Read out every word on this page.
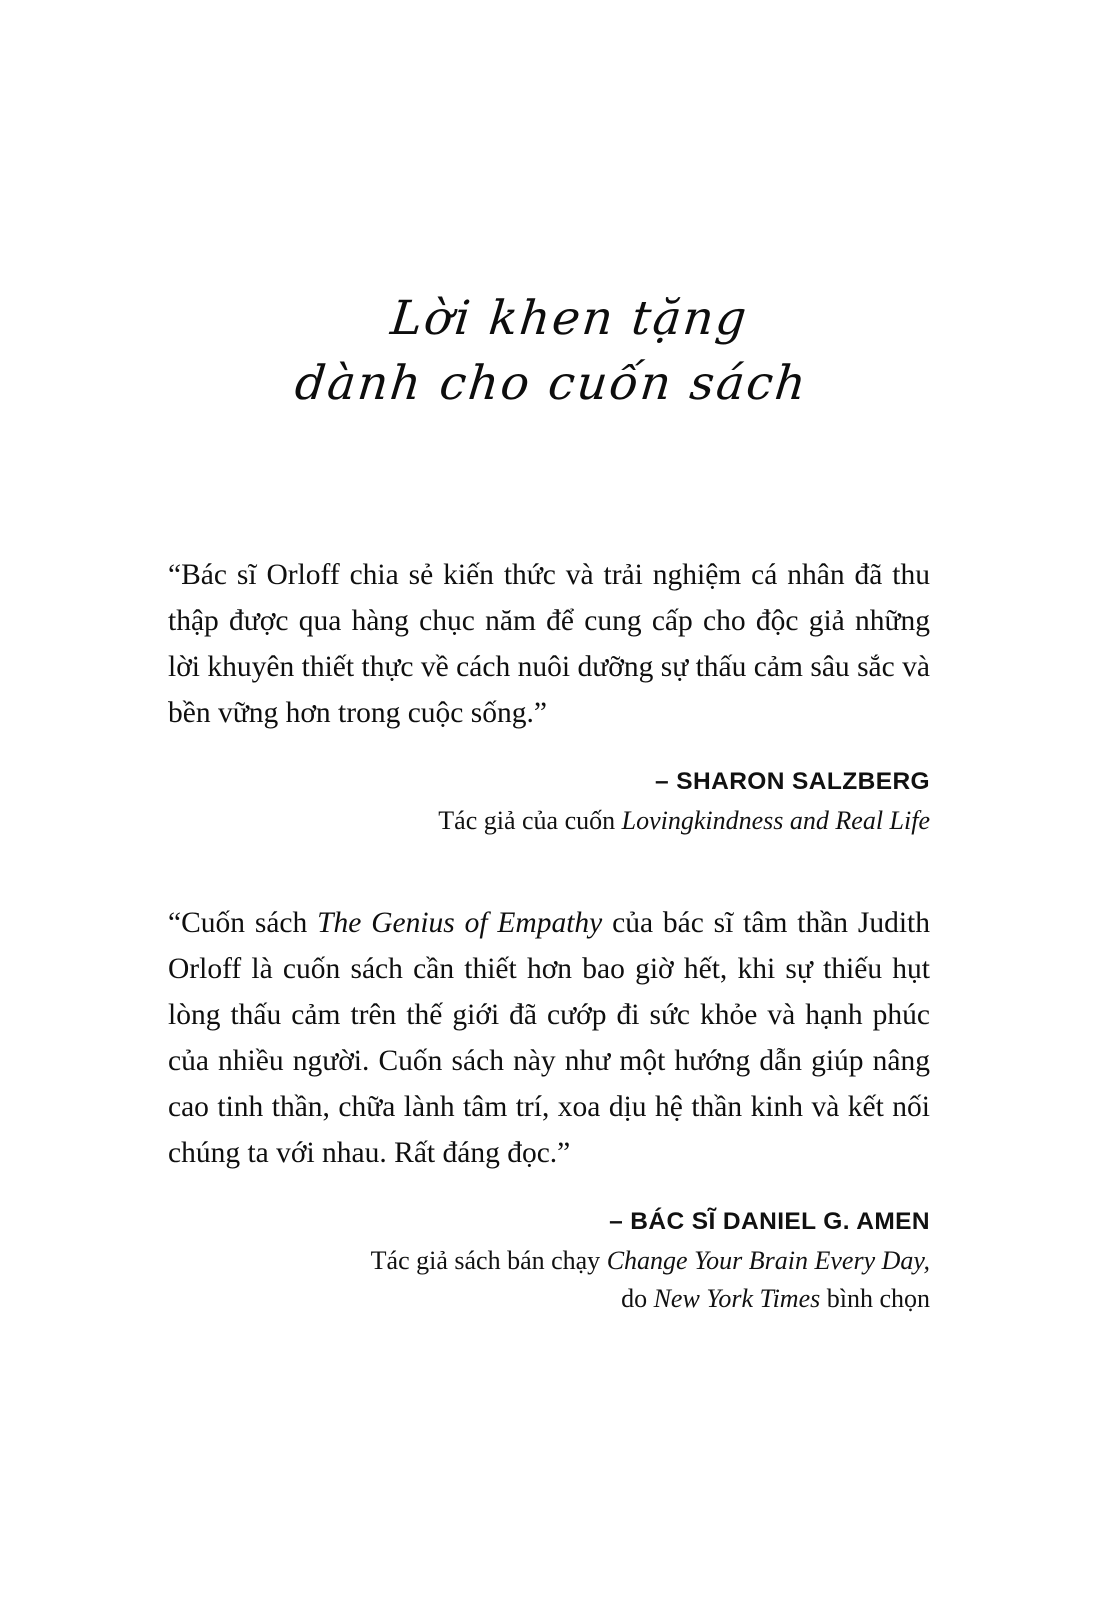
Lời khen tặng
dành cho cuốn sách

“Bác sĩ Orloff chia sẻ kiến thức và trải nghiệm cá nhân đã thu thập được qua hàng chục năm để cung cấp cho độc giả những lời khuyên thiết thực về cách nuôi dưỡng sự thấu cảm sâu sắc và bền vững hơn trong cuộc sống.”

– SHARON SALZBERG

Tác giả của cuốn Lovingkindness and Real Life

“Cuốn sách The Genius of Empathy của bác sĩ tâm thần Judith Orloff là cuốn sách cần thiết hơn bao giờ hết, khi sự thiếu hụt lòng thấu cảm trên thế giới đã cướp đi sức khỏe và hạnh phúc của nhiều người. Cuốn sách này như một hướng dẫn giúp nâng cao tinh thần, chữa lành tâm trí, xoa dịu hệ thần kinh và kết nối chúng ta với nhau. Rất đáng đọc.”

– BÁC SĨ DANIEL G. AMEN

Tác giả sách bán chạy Change Your Brain Every Day,

do New York Times bình chọn
